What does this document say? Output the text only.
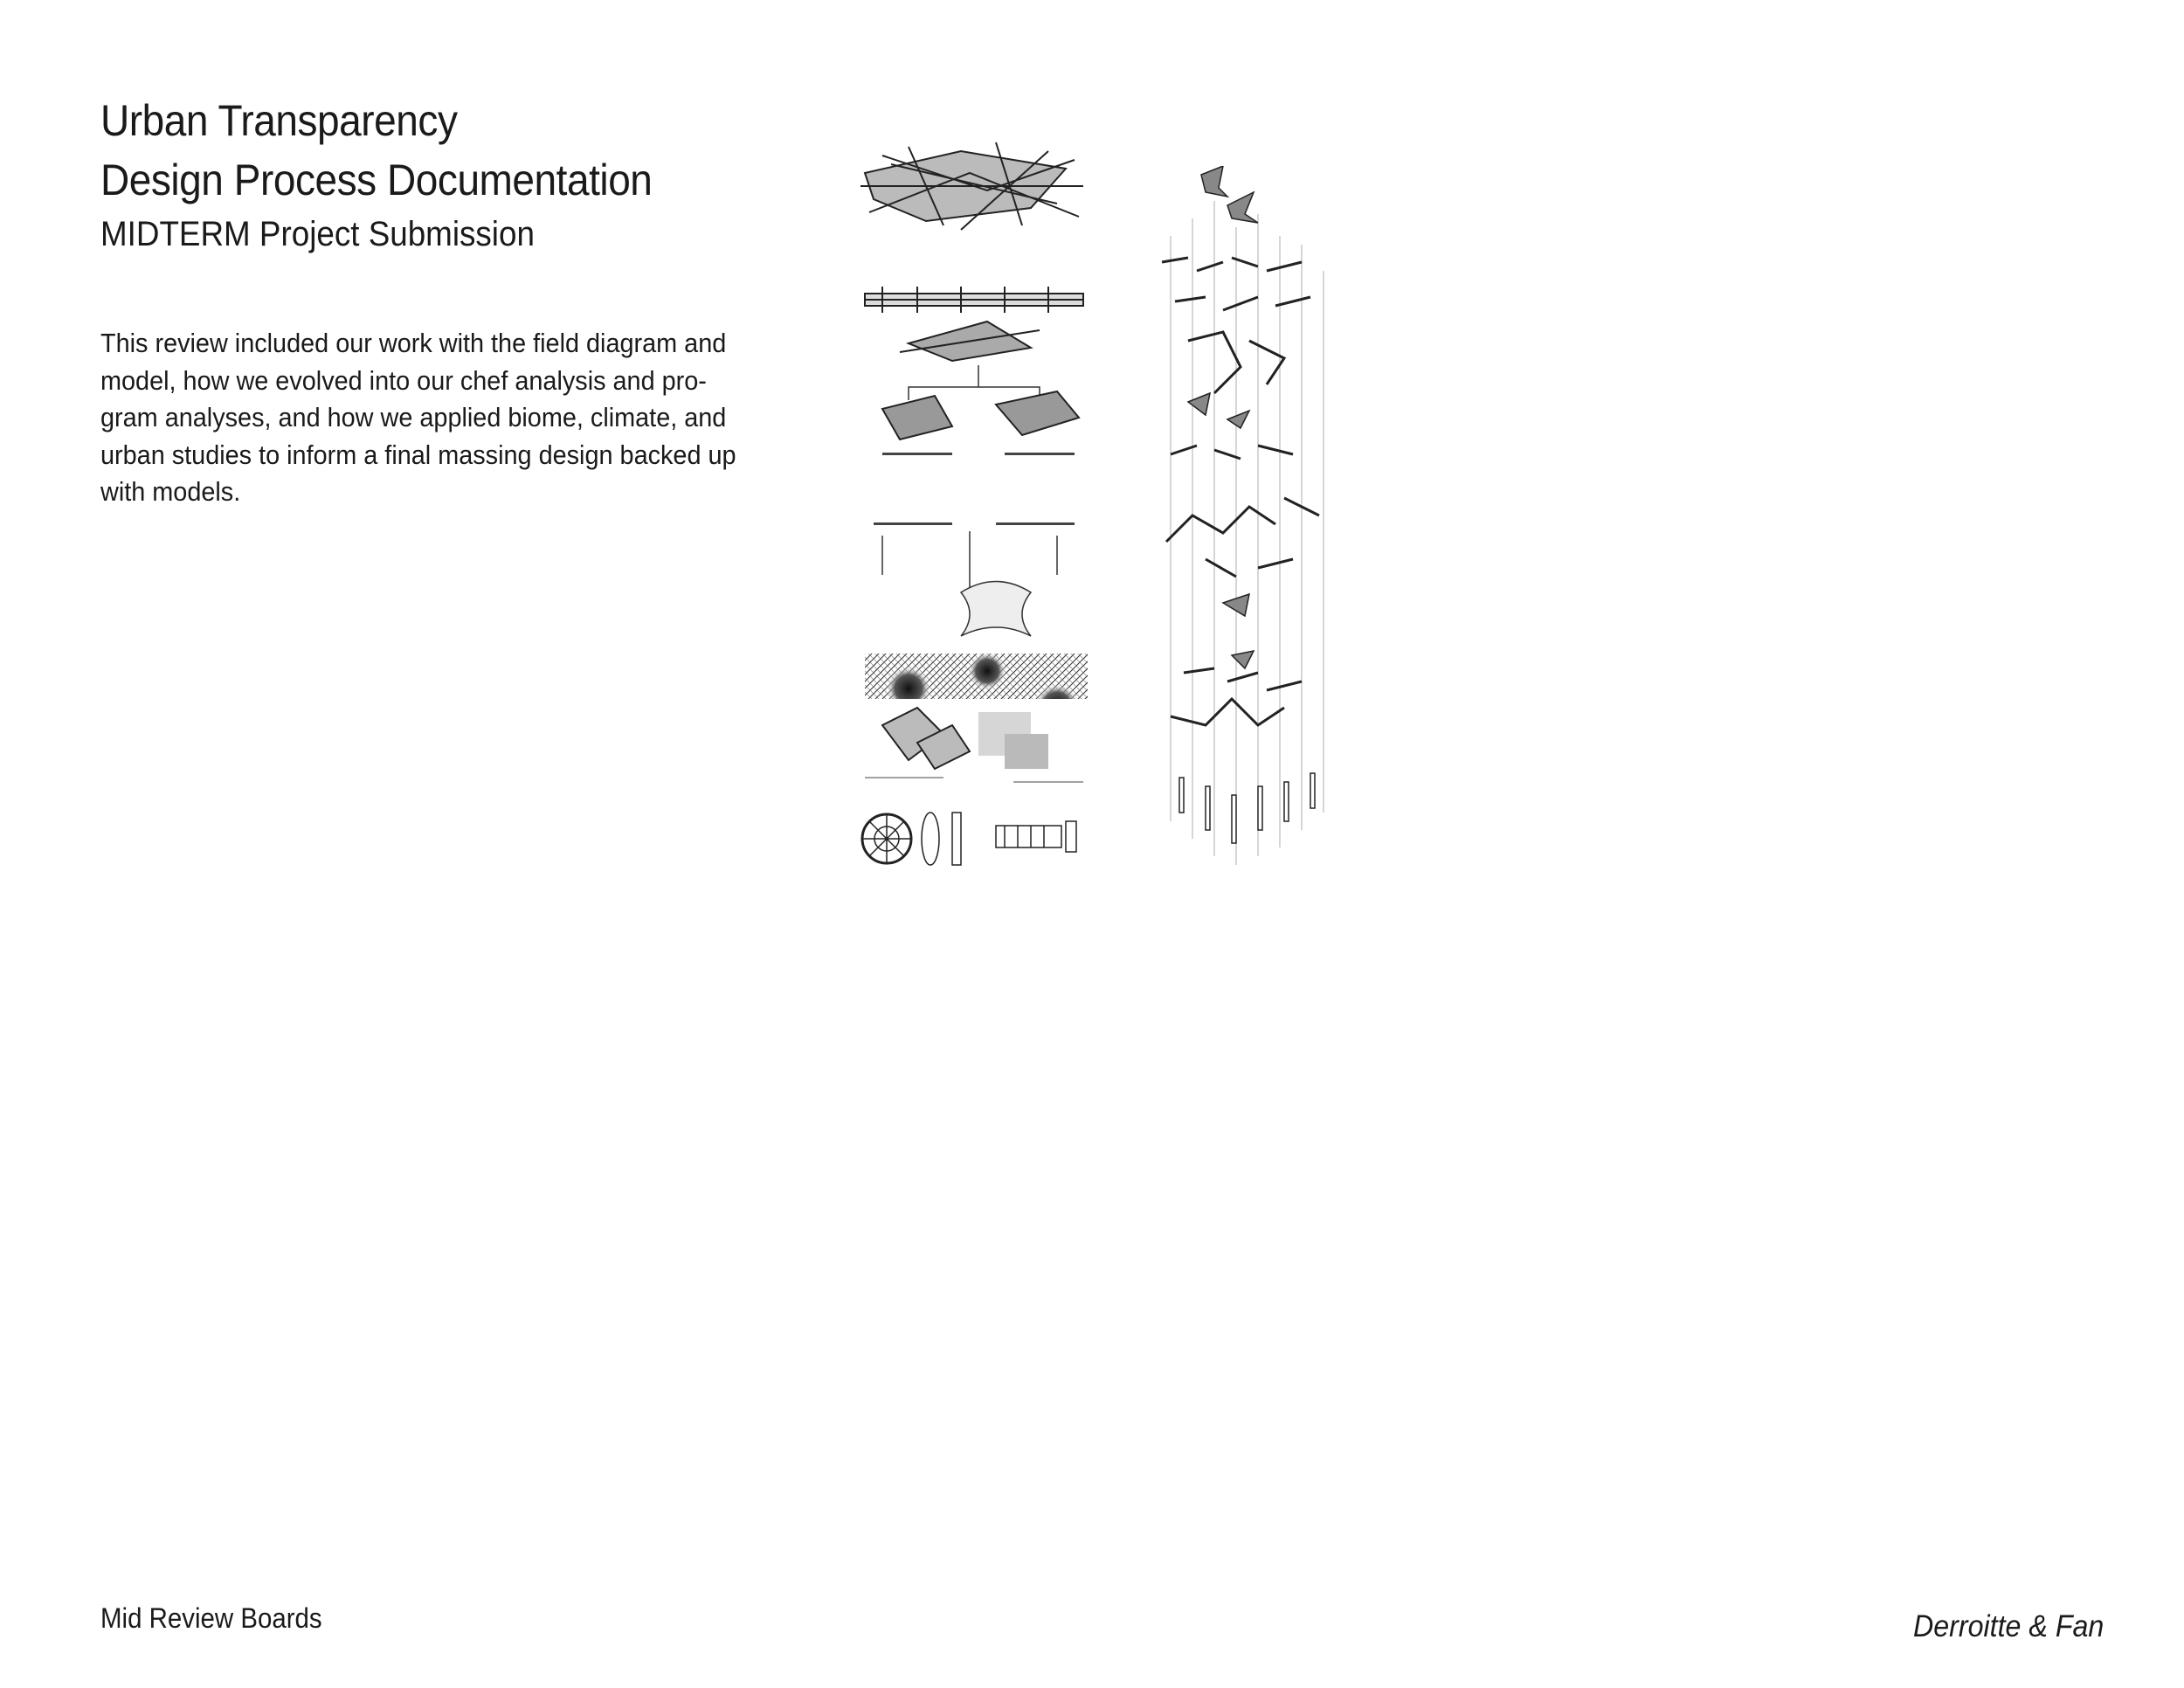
Urban Transparency
Design Process Documentation
MIDTERM Project Submission
This review included our work with the field diagram and
model, how we evolved into our chef analysis and pro-
gram analyses, and how we applied biome, climate, and
urban studies to inform a final massing design backed up
with models.
Mid Review Boards	Derroitte & Fan
